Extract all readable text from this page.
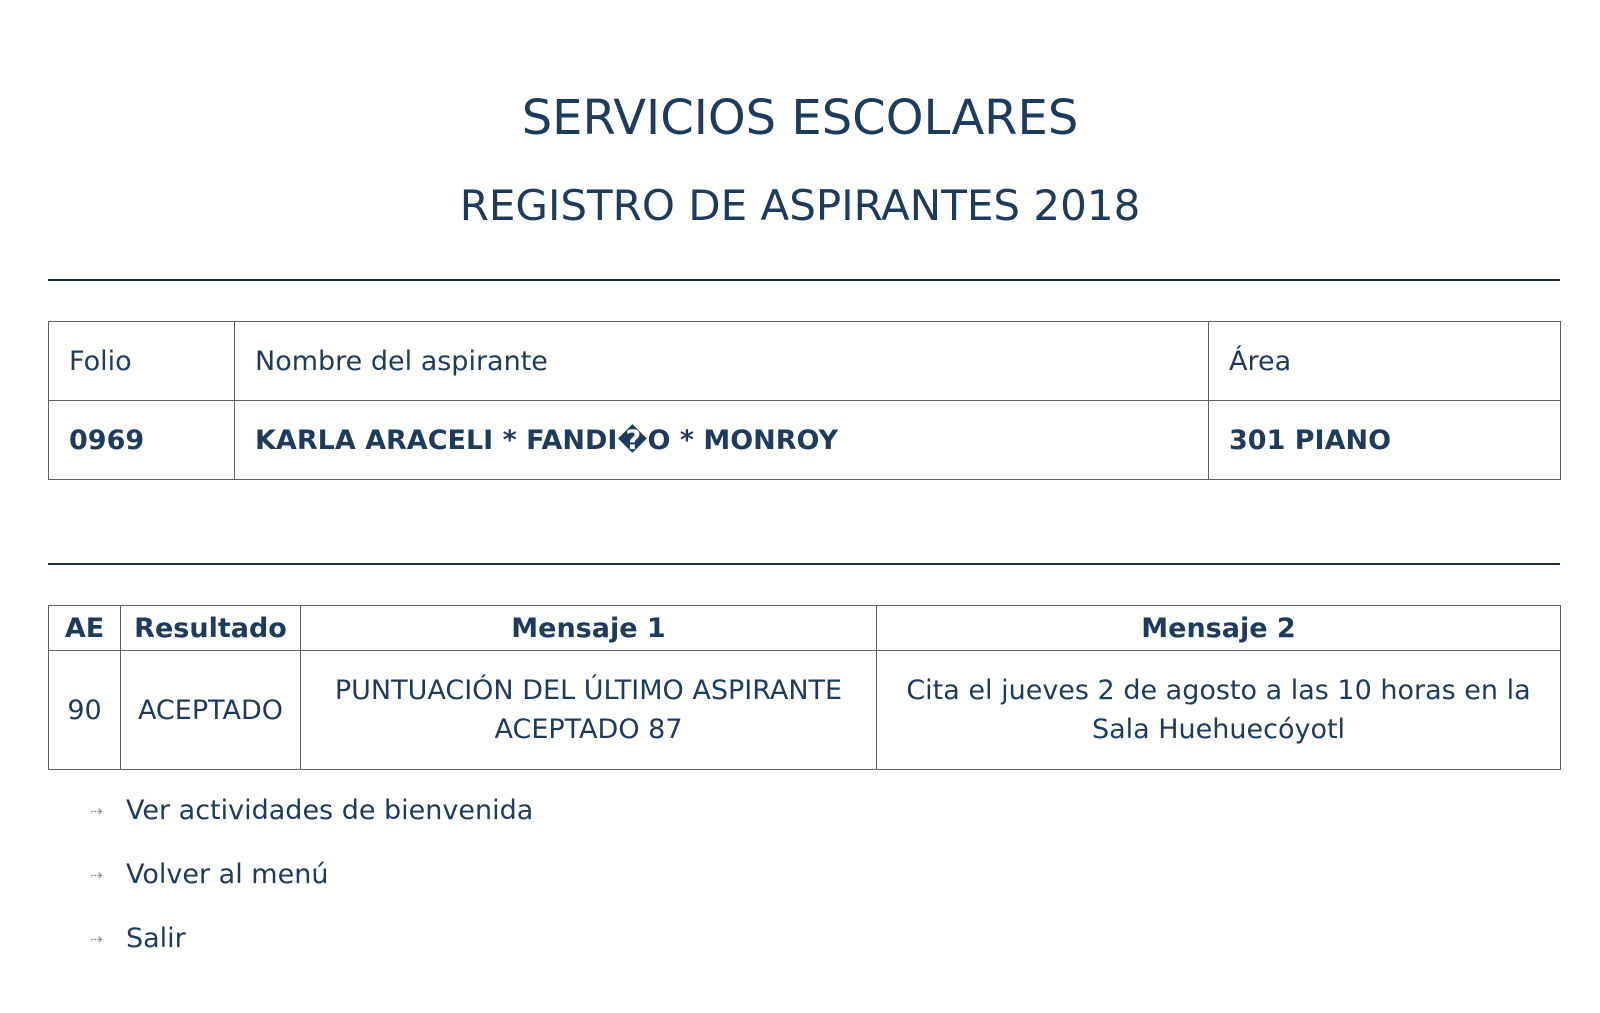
SERVICIOS ESCOLARES
REGISTRO DE ASPIRANTES 2018
Folio	Nombre del aspirante	Área
0969	KARLA ARACELI * FANDI�O * MONROY	301 PIANO
AE	Resultado	Mensaje 1	Mensaje 2
90	ACEPTADO	PUNTUACIÓN DEL ÚLTIMO ASPIRANTE ACEPTADO 87	Cita el jueves 2 de agosto a las 10 horas en la Sala Huehuecóyotl
⇢ Ver actividades de bienvenida
⇢ Volver al menú
⇢ Salir
